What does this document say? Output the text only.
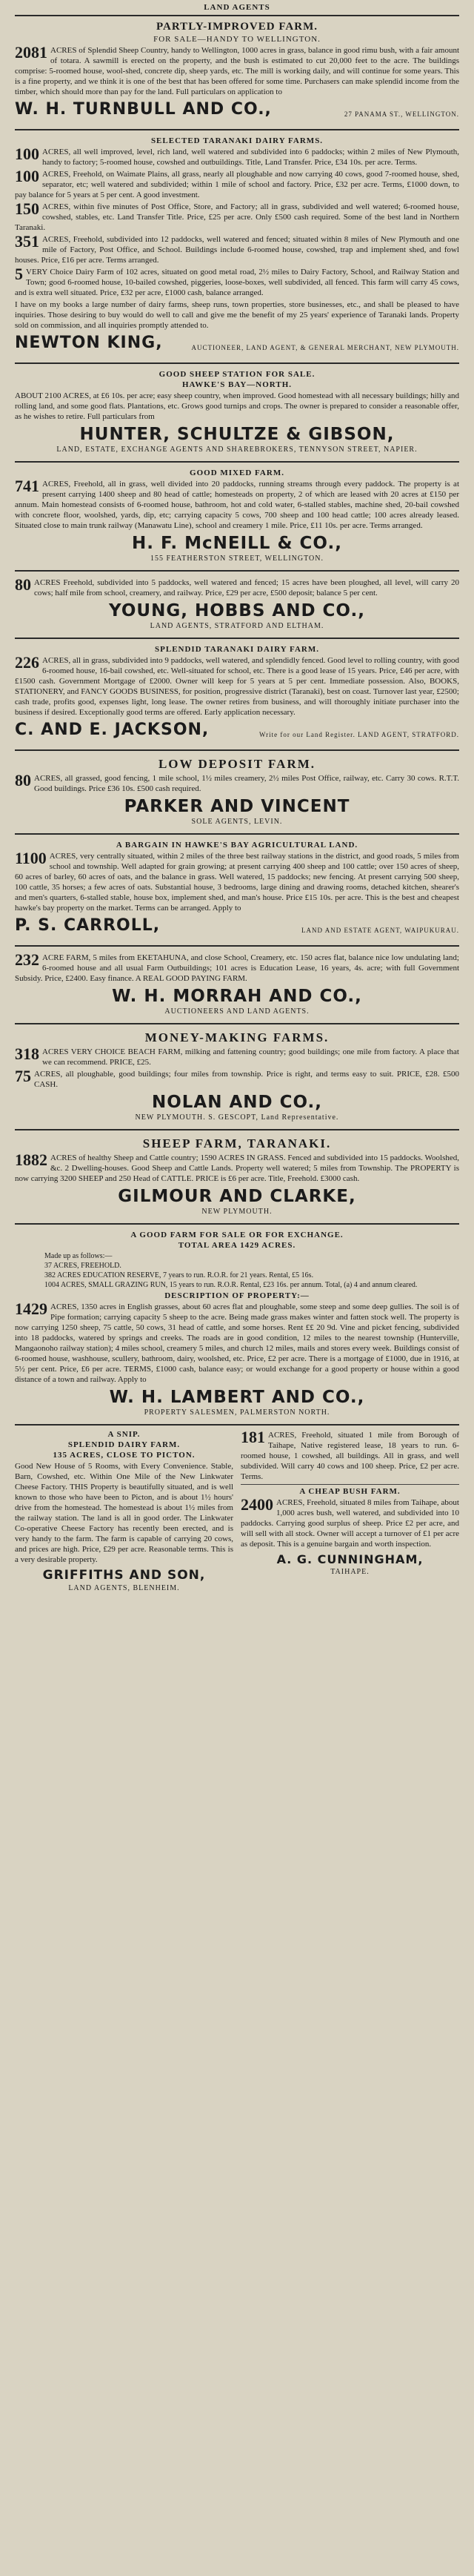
LAND AGENTS
PARTLY-IMPROVED FARM.
FOR SALE—HANDY TO WELLINGTON.
2081 ACRES of Splendid Sheep Country, handy to Wellington, 1000 acres in grass, balance in good rimu bush, with a fair amount of totara. A sawmill is erected on the property, and the bush is estimated to cut 20,000 feet to the acre. The buildings comprise: 5-roomed house, wool-shed, concrete dip, sheep yards, etc. The mill is working daily, and will continue for some years. This is a fine property, and we think it is one of the best that has been offered for some time. Purchasers can make splendid income from the timber, which should more than pay for the land. Full particulars on application to
W. H. TURNBULL AND CO.,	27 PANAMA ST., WELLINGTON.
SELECTED TARANAKI DAIRY FARMS.
100 ACRES, all well improved, level, rich land, well watered and subdivided into 6 paddocks; within 2 miles of New Plymouth, handy to factory; 5-roomed house, cowshed and outbuildings. Title, Land Transfer. Price, £34 10s. per acre. Terms.
100 ACRES, Freehold, on Waimate Plains, all grass, nearly all ploughable and now carrying 40 cows, good 7-roomed house, shed, separator, etc; well watered and subdivided; within 1 mile of school and factory. Price, £32 per acre. Terms, £1000 down, to pay balance for 5 years at 5 per cent. A good investment.
150 ACRES, within five minutes of Post Office, Store, and Factory; all in grass, subdivided and well watered; 6-roomed house, cowshed, stables, etc. Land Transfer Title. Price, £25 per acre. Only £500 cash required. Some of the best land in Northern Taranaki.
351 ACRES, Freehold, subdivided into 12 paddocks, well watered and fenced; situated within 8 miles of New Plymouth and one mile of Factory, Post Office, and School. Buildings include 6-roomed house, cowshed, trap and implement shed, and fowl houses. Price, £16 per acre. Terms arranged.
5 VERY Choice Dairy Farm of 102 acres, situated on good metal road, 2½ miles to Dairy Factory, School, and Railway Station and Town; good 6-roomed house, 10-bailed cowshed, piggeries, loose-boxes, well subdivided, all fenced. This farm will carry 45 cows, and is extra well situated. Price, £32 per acre, £1000 cash, balance arranged.
I have on my books a large number of dairy farms, sheep runs, town properties, store businesses, etc., and shall be pleased to have inquiries. Those desiring to buy would do well to call and give me the benefit of my 25 years' experience of Taranaki lands. Property sold on commission, and all inquiries promptly attended to.
NEWTON KING,	AUCTIONEER, LAND AGENT, & GENERAL MERCHANT, NEW PLYMOUTH.
GOOD SHEEP STATION FOR SALE.
HAWKE'S BAY—NORTH.
ABOUT 2100 ACRES, at £6 10s. per acre; easy sheep country, when improved. Good homestead with all necessary buildings; hilly and rolling land, and some good flats. Plantations, etc. Grows good turnips and crops. The owner is prepared to consider a reasonable offer, as he wishes to retire. Full particulars from
HUNTER, SCHULTZE & GIBSON,
LAND, ESTATE, EXCHANGE AGENTS AND SHAREBROKERS, TENNYSON STREET, NAPIER.
GOOD MIXED FARM.
741 ACRES, Freehold, all in grass, well divided into 20 paddocks, running streams through every paddock. The property is at present carrying 1400 sheep and 80 head of cattle; homesteads on property, 2 of which are leased with 20 acres at £150 per annum. Main homestead consists of 6-roomed house, bathroom, hot and cold water, 6-stalled stables, machine shed, 20-bail cowshed with concrete floor, woolshed, yards, dip, etc; carrying capacity 5 cows, 700 sheep and 100 head cattle; 100 acres already leased. Situated close to main trunk railway (Manawatu Line), school and creamery 1 mile. Price, £11 10s. per acre. Terms arranged.
H. F. McNEILL & CO.,
155 FEATHERSTON STREET, WELLINGTON.
80 ACRES Freehold, subdivided into 5 paddocks, well watered and fenced; 15 acres have been ploughed, all level, will carry 20 cows; half mile from school, creamery, and railway. Price, £29 per acre, £500 deposit; balance 5 per cent.
YOUNG, HOBBS AND CO.,
LAND AGENTS, STRATFORD AND ELTHAM.
SPLENDID TARANAKI DAIRY FARM.
226 ACRES, all in grass, subdivided into 9 paddocks, well watered, and splendidly fenced. Good level to rolling country, with good 6-roomed house, 16-bail cowshed, etc. Well-situated for school, etc. There is a good lease of 15 years. Price, £46 per acre, with £1500 cash. Government Mortgage of £2000. Owner will keep for 5 years at 5 per cent. Immediate possession. Also, BOOKS, STATIONERY, and FANCY GOODS BUSINESS, for position, progressive district (Taranaki), best on coast. Turnover last year, £2500; cash trade, profits good, expenses light, long lease. The owner retires from business, and will thoroughly initiate purchaser into the business if desired. Exceptionally good terms are offered. Early application necessary.
C. AND E. JACKSON,	Write for our Land Register. LAND AGENT, STRATFORD.
LOW DEPOSIT FARM.
80 ACRES, all grassed, good fencing, 1 mile school, 1½ miles creamery, 2½ miles Post Office, railway, etc. Carry 30 cows. R.T.T. Good buildings. Price £36 10s. £500 cash required.
PARKER AND VINCENT
SOLE AGENTS, LEVIN.
A BARGAIN IN HAWKE'S BAY AGRICULTURAL LAND.
1100 ACRES, very centrally situated, within 2 miles of the three best railway stations in the district, and good roads, 5 miles from school and township. Well adapted for grain growing; at present carrying 400 sheep and 100 cattle; over 150 acres of sheep, 60 acres of barley, 60 acres of oats, and the balance in grass. Well watered, 15 paddocks; new fencing. At present carrying 500 sheep, 100 cattle, 35 horses; a few acres of oats. Substantial house, 3 bedrooms, large dining and drawing rooms, detached kitchen, shearer's and men's quarters, 6-stalled stable, house box, implement shed, and man's house. Price £15 10s. per acre. This is the best and cheapest hawke's bay property on the market. Terms can be arranged. Apply to
P. S. CARROLL,	LAND AND ESTATE AGENT, WAIPUKURAU.
232 ACRE FARM, 5 miles from EKETAHUNA, and close School, Creamery, etc. 150 acres flat, balance nice low undulating land; 6-roomed house and all usual Farm Outbuildings; 101 acres is Education Lease, 16 years, 4s. acre; with full Government Subsidy. Price, £2400. Easy finance. A REAL GOOD PAYING FARM.
W. H. MORRAH AND CO.,
AUCTIONEERS AND LAND AGENTS.
MONEY-MAKING FARMS.
318 ACRES VERY CHOICE BEACH FARM, milking and fattening country; good buildings; one mile from factory. A place that we can recommend. PRICE, £25.
75 ACRES, all ploughable, good buildings; four miles from township. Price is right, and terms easy to suit. PRICE, £28. £500 CASH.
NOLAN AND CO.,
NEW PLYMOUTH. S. GESCOPT, Land Representative.
SHEEP FARM, TARANAKI.
1882 ACRES of healthy Sheep and Cattle country; 1590 ACRES IN GRASS. Fenced and subdivided into 15 paddocks. Woolshed, &c. 2 Dwelling-houses. Good Sheep and Cattle Lands. Property well watered; 5 miles from Township. The PROPERTY is now carrying 3200 SHEEP and 250 Head of CATTLE. PRICE is £6 per acre. Title, Freehold. £3000 cash.
GILMOUR AND CLARKE,
NEW PLYMOUTH.
A GOOD FARM FOR SALE OR FOR EXCHANGE.
TOTAL AREA 1429 ACRES.
Made up as follows:—
37 ACRES, FREEHOLD.
382 ACRES EDUCATION RESERVE, 7 years to run. R.O.R. for 21 years. Rental, £5 16s.
1004 ACRES, SMALL GRAZING RUN, 15 years to run. R.O.R. Rental, £23 16s. per annum. Total, (a) 4 and annum cleared.
DESCRIPTION OF PROPERTY:—
1429 ACRES, 1350 acres in English grasses, about 60 acres flat and ploughable, some steep and some deep gullies. The soil is of Pipe formation; carrying capacity 5 sheep to the acre. Being made grass makes winter and fatten stock well. The property is now carrying 1250 sheep, 75 cattle, 50 cows, 31 head of cattle, and some horses. Rent ££ 20 9d. Vine and picket fencing, subdivided into 18 paddocks, watered by springs and creeks. The roads are in good condition, 12 miles to the nearest township (Hunterville, Mangaonoho railway station); 4 miles school, creamery 5 miles, and church 12 miles, mails and stores every week. Buildings consist of 6-roomed house, washhouse, scullery, bathroom, dairy, woolshed, etc. Price, £2 per acre. There is a mortgage of £1000, due in 1916, at 5½ per cent. Price, £6 per acre. TERMS, £1000 cash, balance easy; or would exchange for a good property or house within a good distance of a town and railway. Apply to
W. H. LAMBERT AND CO.,
PROPERTY SALESMEN, PALMERSTON NORTH.
A SNIP.
SPLENDID DAIRY FARM.
135 ACRES, CLOSE TO PICTON.
Good New House of 5 Rooms, with Every Convenience. Stable, Barn, Cowshed, etc. Within One Mile of the New Linkwater Cheese Factory. THIS Property is beautifully situated, and is well known to those who have been to Picton, and is about 1½ hours' drive from the homestead. The homestead is about 1½ miles from the railway station. The land is all in good order. The Linkwater Co-operative Cheese Factory has recently been erected, and is very handy to the farm. The farm is capable of carrying 20 cows, and prices are high. Price, £29 per acre. Reasonable terms. This is a very desirable property.
GRIFFITHS AND SON,
LAND AGENTS, BLENHEIM.
181 ACRES, Freehold, situated 1 mile from Borough of Taihape, Native registered lease, 18 years to run. 6-roomed house, 1 cowshed, all buildings. All in grass, and well subdivided. Will carry 40 cows and 100 sheep. Price, £2 per acre. Terms.
A CHEAP BUSH FARM.
2400 ACRES, Freehold, situated 8 miles from Taihape, about 1,000 acres bush, well watered, and subdivided into 10 paddocks. Carrying good surplus of sheep. Price £2 per acre, and will sell with all stock. Owner will accept a turnover of £1 per acre as deposit. This is a genuine bargain and worth inspection.
A. G. CUNNINGHAM,
TAIHAPE.
